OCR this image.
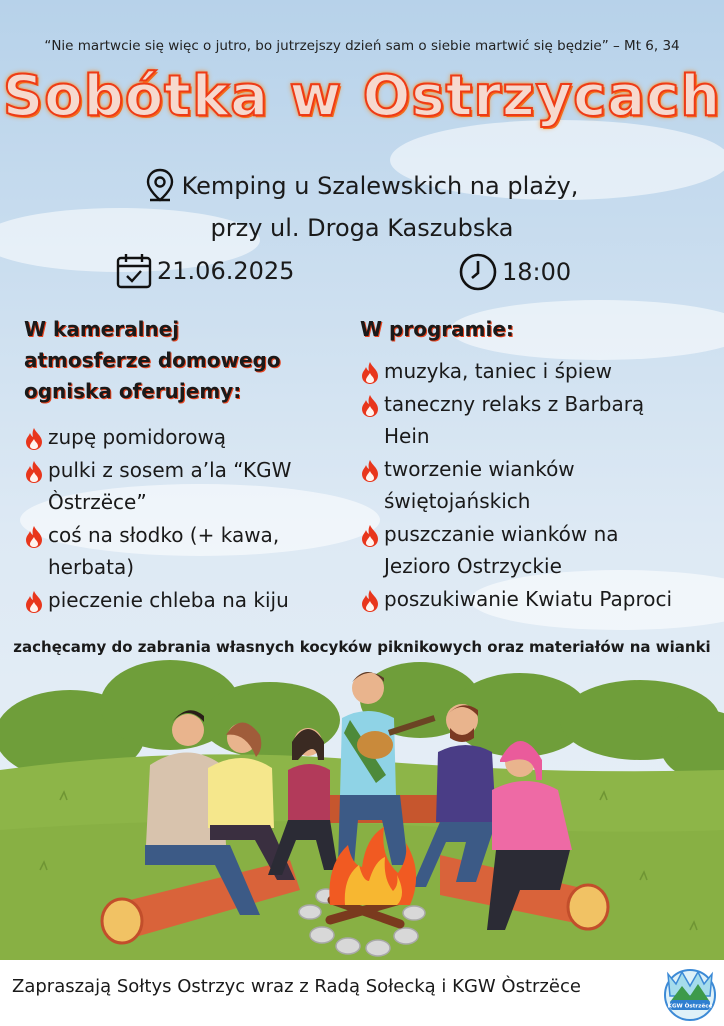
“Nie martwcie się więc o jutro, bo jutrzejszy dzień sam o siebie martwić się będzie” – Mt 6, 34
Sobótka w Ostrzycach
Kemping u Szalewskich na plaży,
przy ul. Droga Kaszubska
21.06.2025	18:00
W kameralnej
atmosferze domowego
ogniska oferujemy:
zupę pomidorową
pulki z sosem a’la “KGW
Òstrzëce”
coś na słodko (+ kawa,
herbata)
pieczenie chleba na kiju
W programie:
muzyka, taniec i śpiew
taneczny relaks z Barbarą
Hein
tworzenie wianków
świętojańskich
puszczanie wianków na
Jezioro Ostrzyckie
poszukiwanie Kwiatu Paproci
zachęcamy do zabrania własnych kocyków piknikowych oraz materiałów na wianki
Zapraszają Sołtys Ostrzyc wraz z Radą Sołecką i KGW Òstrzëce
KGW Òstrzëce
